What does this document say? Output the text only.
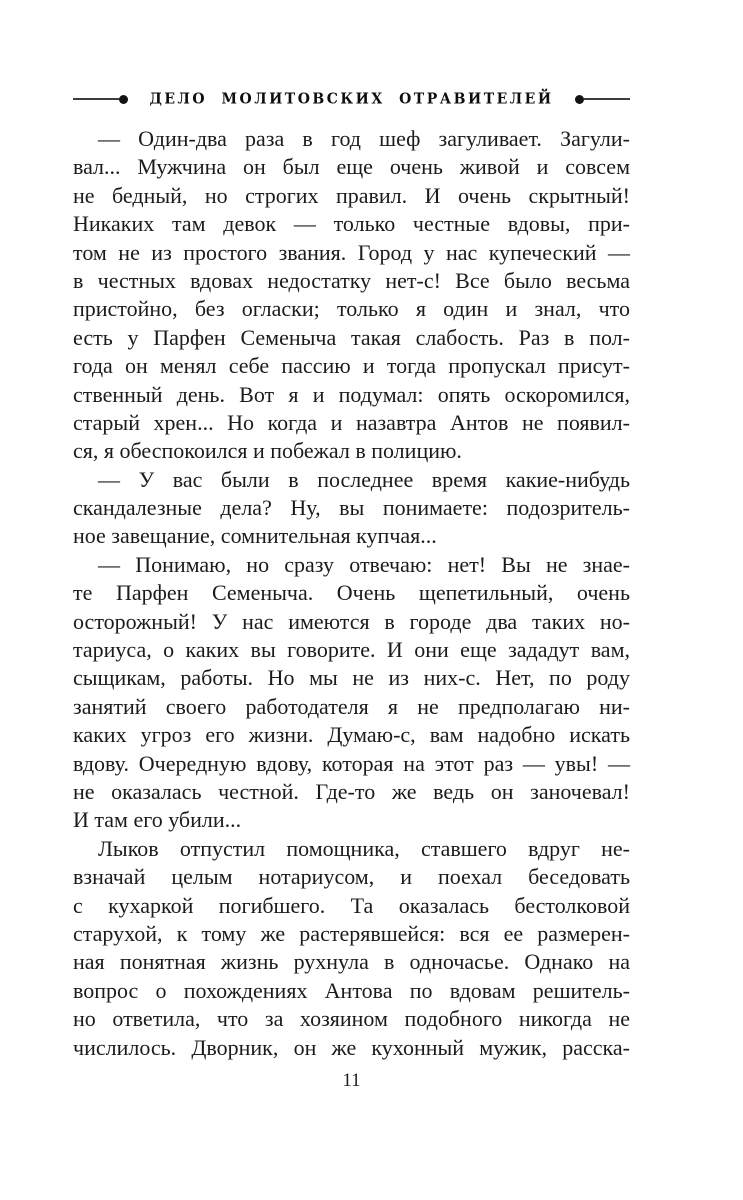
ДЕЛО МОЛИТОВСКИХ ОТРАВИТЕЛЕЙ
— Один-два раза в год шеф загуливает. Загули-
вал... Мужчина он был еще очень живой и совсем
не бедный, но строгих правил. И очень скрытный!
Никаких там девок — только честные вдовы, при-
том не из простого звания. Город у нас купеческий —
в честных вдовах недостатку нет-с! Все было весьма
пристойно, без огласки; только я один и знал, что
есть у Парфен Семеныча такая слабость. Раз в пол-
года он менял себе пассию и тогда пропускал присут-
ственный день. Вот я и подумал: опять оскоромился,
старый хрен... Но когда и назавтра Антов не появил-
ся, я обеспокоился и побежал в полицию.
— У вас были в последнее время какие-нибудь
скандалезные дела? Ну, вы понимаете: подозритель-
ное завещание, сомнительная купчая...
— Понимаю, но сразу отвечаю: нет! Вы не знае-
те Парфен Семеныча. Очень щепетильный, очень
осторожный! У нас имеются в городе два таких но-
тариуса, о каких вы говорите. И они еще зададут вам,
сыщикам, работы. Но мы не из них-с. Нет, по роду
занятий своего работодателя я не предполагаю ни-
каких угроз его жизни. Думаю-с, вам надобно искать
вдову. Очередную вдову, которая на этот раз — увы! —
не оказалась честной. Где-то же ведь он заночевал!
И там его убили...
Лыков отпустил помощника, ставшего вдруг не-
взначай целым нотариусом, и поехал беседовать
с кухаркой погибшего. Та оказалась бестолковой
старухой, к тому же растерявшейся: вся ее размерен-
ная понятная жизнь рухнула в одночасье. Однако на
вопрос о похождениях Антова по вдовам решитель-
но ответила, что за хозяином подобного никогда не
числилось. Дворник, он же кухонный мужик, расска-
11
